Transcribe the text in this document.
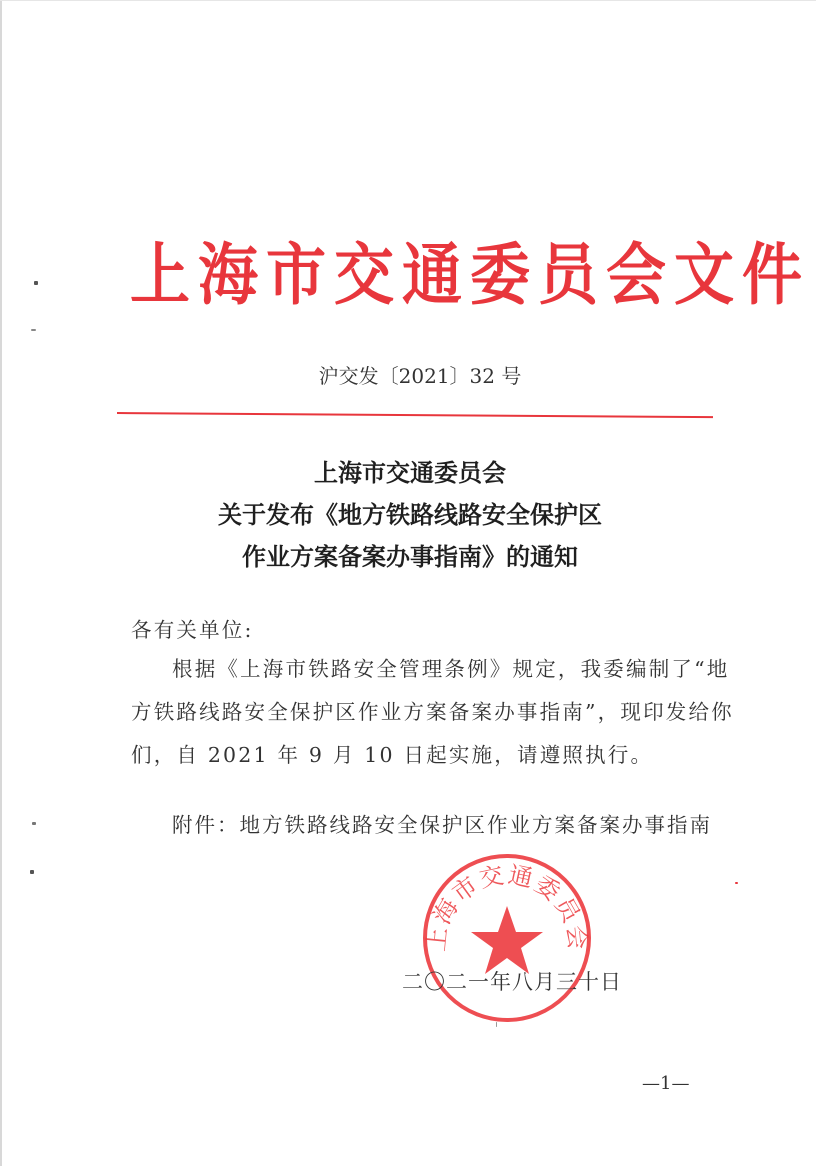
上海市交通委员会文件
沪交发〔2021〕32 号
上海市交通委员会
关于发布《地方铁路线路安全保护区
作业方案备案办事指南》的通知
各有关单位:
根据《上海市铁路安全管理条例》规定，我委编制了“地
方铁路线路安全保护区作业方案备案办事指南”，现印发给你
们，自 2021 年 9 月 10 日起实施，请遵照执行。
附件：地方铁路线路安全保护区作业方案备案办事指南
上海市交通委员会
二〇二一年八月三十日
—1—
